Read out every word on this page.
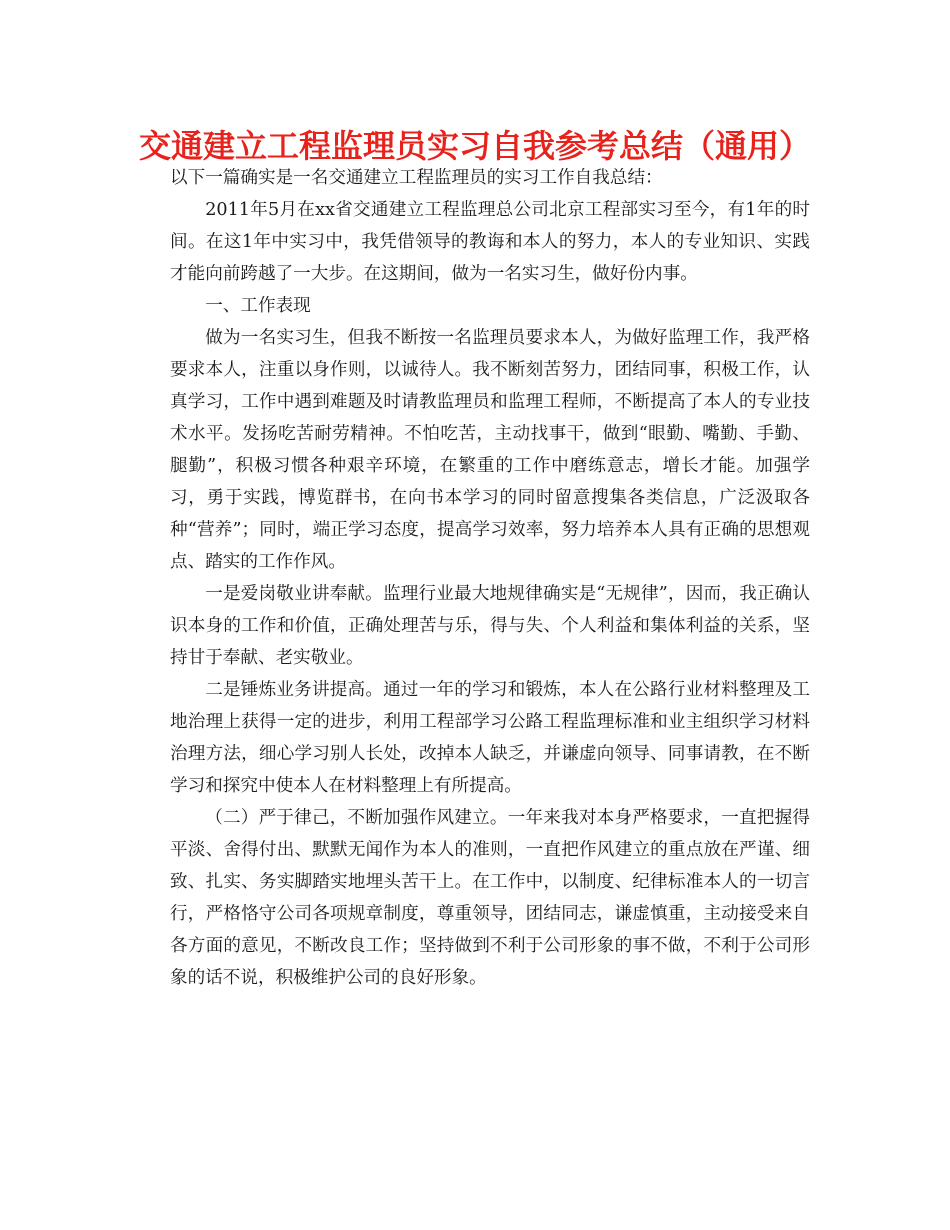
交通建立工程监理员实习自我参考总结（通用）

以下一篇确实是一名交通建立工程监理员的实习工作自我总结：

2011年5月在xx省交通建立工程监理总公司北京工程部实习至今，有1年的时间。在这1年中实习中，我凭借领导的教诲和本人的努力，本人的专业知识、实践才能向前跨越了一大步。在这期间，做为一名实习生，做好份内事。

一、工作表现

做为一名实习生，但我不断按一名监理员要求本人，为做好监理工作，我严格要求本人，注重以身作则，以诚待人。我不断刻苦努力，团结同事，积极工作，认真学习，工作中遇到难题及时请教监理员和监理工程师，不断提高了本人的专业技术水平。发扬吃苦耐劳精神。不怕吃苦，主动找事干，做到“眼勤、嘴勤、手勤、腿勤”，积极习惯各种艰辛环境，在繁重的工作中磨练意志，增长才能。加强学习，勇于实践，博览群书，在向书本学习的同时留意搜集各类信息，广泛汲取各种“营养”；同时，端正学习态度，提高学习效率，努力培养本人具有正确的思想观点、踏实的工作作风。

一是爱岗敬业讲奉献。监理行业最大地规律确实是“无规律”，因而，我正确认识本身的工作和价值，正确处理苦与乐，得与失、个人利益和集体利益的关系，坚持甘于奉献、老实敬业。

二是锤炼业务讲提高。通过一年的学习和锻炼，本人在公路行业材料整理及工地治理上获得一定的进步，利用工程部学习公路工程监理标准和业主组织学习材料治理方法，细心学习别人长处，改掉本人缺乏，并谦虚向领导、同事请教，在不断学习和探究中使本人在材料整理上有所提高。

（二）严于律己，不断加强作风建立。一年来我对本身严格要求，一直把握得平淡、舍得付出、默默无闻作为本人的准则，一直把作风建立的重点放在严谨、细致、扎实、务实脚踏实地埋头苦干上。在工作中，以制度、纪律标准本人的一切言行，严格恪守公司各项规章制度，尊重领导，团结同志，谦虚慎重，主动接受来自各方面的意见，不断改良工作；坚持做到不利于公司形象的事不做，不利于公司形象的话不说，积极维护公司的良好形象。
